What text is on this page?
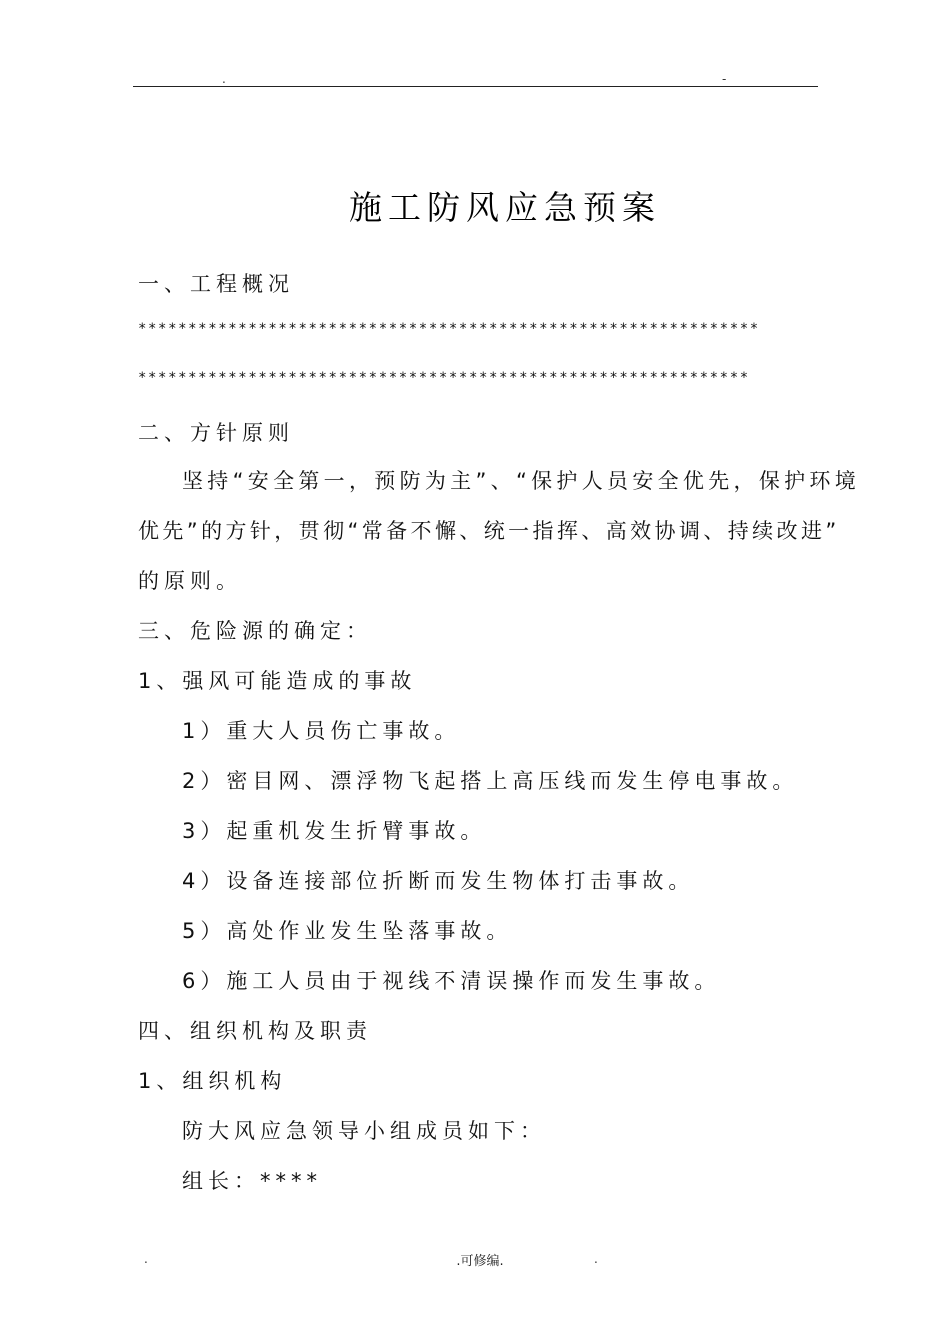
.	-
施工防风应急预案
一、工程概况
**************************************************************
*************************************************************
二、方针原则
坚持“安全第一，预防为主”、“保护人员安全优先，保护环境
优先”的方针，贯彻“常备不懈、统一指挥、高效协调、持续改进”
的原则。
三、危险源的确定：
1、强风可能造成的事故
1）重大人员伤亡事故。
2）密目网、漂浮物飞起搭上高压线而发生停电事故。
3）起重机发生折臂事故。
4）设备连接部位折断而发生物体打击事故。
5）高处作业发生坠落事故。
6）施工人员由于视线不清误操作而发生事故。
四、组织机构及职责
1、组织机构
防大风应急领导小组成员如下：
组长：****
.	.可修编.	.
